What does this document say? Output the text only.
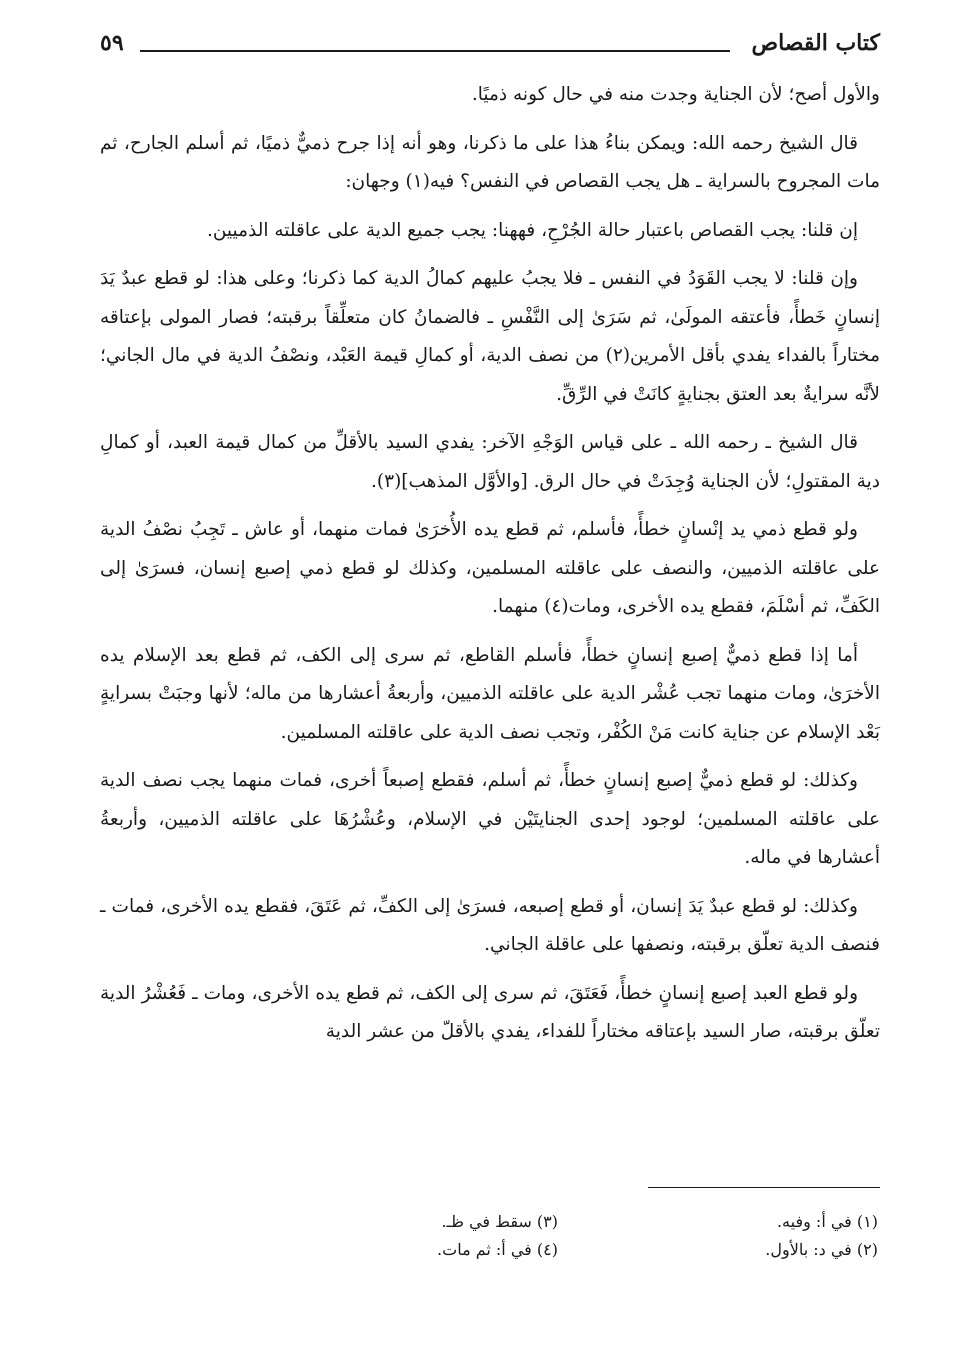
كتاب القصاص
٥٩

والأول أصح؛ لأن الجناية وجدت منه في حال كونه ذميًا.

قال الشيخ رحمه الله: ويمكن بناءُ هذا على ما ذكرنا، وهو أنه إذا جرح ذميٌّ ذميًا، ثم أسلم الجارح، ثم مات المجروح بالسراية ـ هل يجب القصاص في النفس؟ فيه(١) وجهان:

إن قلنا: يجب القصاص باعتبار حالة الجُرْحِ، فههنا: يجب جميع الدية على عاقلته الذميين.

وإن قلنا: لا يجب القَوَدُ في النفس ـ فلا يجبُ عليهم كمالُ الدية كما ذكرنا؛ وعلى هذا: لو قطع عبدٌ يَدَ إنسانٍ خَطأً، فأعتقه المولَىٰ، ثم سَرَىٰ إلى النَّفْسِ ـ فالضمانُ كان متعلِّقاً برقبته؛ فصار المولى بإعتاقه مختاراً بالفداء يفدي بأقل الأمرين(٢) من نصف الدية، أو كمالِ قيمة العَبْد، ونصْفُ الدية في مال الجاني؛ لأنَّه سرايةٌ بعد العتق بجنايةٍ كانَتْ في الرِّقِّ.

قال الشيخ ـ رحمه الله ـ على قياس الوَجْهِ الآخر: يفدي السيد بالأقلِّ من كمال قيمة العبد، أو كمالِ دية المقتولِ؛ لأن الجناية وُجِدَتْ في حال الرق. [والأوَّل المذهب](٣).

ولو قطع ذمي يد إنْسانٍ خطأً، فأسلم، ثم قطع يده الأُخرَىٰ فمات منهما، أو عاش ـ تَجِبُ نصْفُ الدية على عاقلته الذميين، والنصف على عاقلته المسلمين، وكذلك لو قطع ذمي إصبع إنسان، فسرَىٰ إلى الكَفِّ، ثم أسْلَمَ، فقطع يده الأخرى، ومات(٤) منهما.

أما إذا قطع ذميٌّ إصبع إنسانٍ خطأً، فأسلم القاطع، ثم سرى إلى الكف، ثم قطع بعد الإسلام يده الأخرَىٰ، ومات منهما تجب عُشْر الدية على عاقلته الذميين، وأربعةُ أعشارها من ماله؛ لأنها وجبَتْ بسرايةٍ بَعْد الإسلام عن جناية كانت مَنْ الكُفْر، وتجب نصف الدية على عاقلته المسلمين.

وكذلك: لو قطع ذميٌّ إصبع إنسانٍ خطأً، ثم أسلم، فقطع إصبعاً أخرى، فمات منهما يجب نصف الدية على عاقلته المسلمين؛ لوجود إحدى الجنايتَيْن في الإسلام، وعُشْرُهَا على عاقلته الذميين، وأربعةُ أعشارها في ماله.

وكذلك: لو قطع عبدٌ يَدَ إنسان، أو قطع إصبعه، فسرَىٰ إلى الكفِّ، ثم عَتَقَ، فقطع يده الأخرى، فمات ـ فنصف الدية تعلّق برقبته، ونصفها على عاقلة الجاني.

ولو قطع العبد إصبع إنسانٍ خطأً، فَعَتَقَ، ثم سرى إلى الكف، ثم قطع يده الأخرى، ومات ـ فَعُشْرُ الدية تعلّق برقبته، صار السيد بإعتاقه مختاراً للفداء، يفدي بالأقلّ من عشر الدية

(١) في أ: وفيه.
(٢) في د: بالأول.
(٣) سقط في ظـ.
(٤) في أ: ثم مات.
